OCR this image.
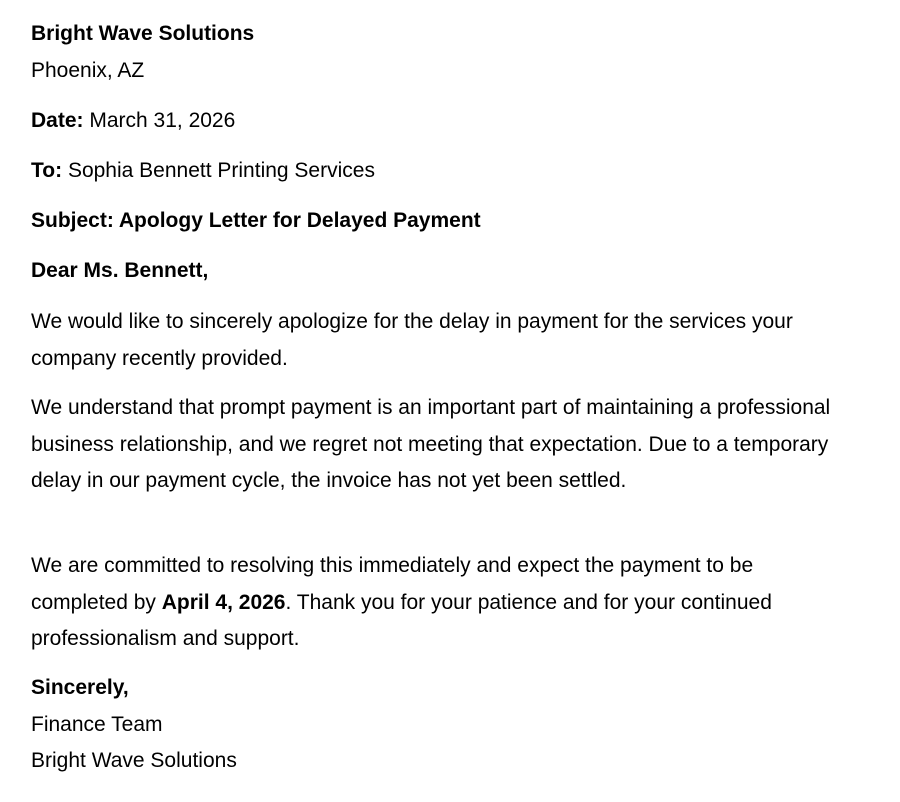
Bright Wave Solutions
Phoenix, AZ
Date: March 31, 2026
To: Sophia Bennett Printing Services
Subject: Apology Letter for Delayed Payment
Dear Ms. Bennett,
We would like to sincerely apologize for the delay in payment for the services your company recently provided.
We understand that prompt payment is an important part of maintaining a professional business relationship, and we regret not meeting that expectation. Due to a temporary delay in our payment cycle, the invoice has not yet been settled.
We are committed to resolving this immediately and expect the payment to be completed by April 4, 2026. Thank you for your patience and for your continued professionalism and support.
Sincerely,
Finance Team
Bright Wave Solutions
